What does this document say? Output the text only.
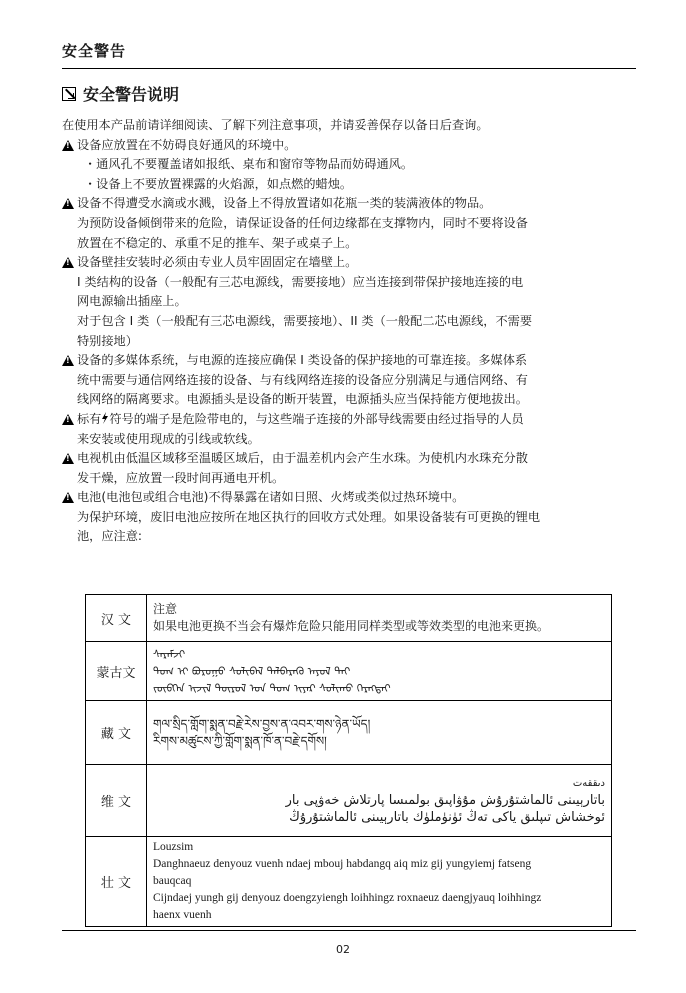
安全警告
安全警告说明

在使用本产品前请详细阅读、了解下列注意事项，并请妥善保存以备日后查询。

!
设备应放置在不妨碍良好通风的环境中。

・通风孔不要覆盖诸如报纸、桌布和窗帘等物品而妨碍通风。

・设备上不要放置裸露的火焰源，如点燃的蜡烛。

!
设备不得遭受水滴或水溅，设备上不得放置诸如花瓶一类的装满液体的物品。

为预防设备倾倒带来的危险，请保证设备的任何边缘都在支撑物内，同时不要将设备

放置在不稳定的、承重不足的推车、架子或桌子上。

!
设备壁挂安装时必须由专业人员牢固固定在墙壁上。

I 类结构的设备（一般配有三芯电源线，需要接地）应当连接到带保护接地连接的电

网电源输出插座上。

对于包含 I 类（一般配有三芯电源线，需要接地）、II 类（一般配二芯电源线，不需要

特别接地）

!
设备的多媒体系统，与电源的连接应确保 I 类设备的保护接地的可靠连接。多媒体系

统中需要与通信网络连接的设备、与有线网络连接的设备应分别满足与通信网络、有

线网络的隔离要求。电源插头是设备的断开装置，电源插头应当保持能方便地拔出。

!
标有 符号的端子是危险带电的，与这些端子连接的外部导线需要由经过指导的人员

来安装或使用现成的引线或软线。

!
电视机由低温区域移至温暖区域后，由于温差机内会产生水珠。为使机内水珠充分散

发干燥，应放置一段时间再通电开机。

!
电池(电池包或组合电池)不得暴露在诸如日照、火烤或类似过热环境中。

为保护环境，废旧电池应按所在地区执行的回收方式处理。如果设备装有可更换的锂电

池，应注意:

汉 文	注意
如果电池更换不当会有爆炸危险只能用同样类型或等效类型的电池来更换。

蒙古文	ᠰᠡᠷᠡᠮᠵᠢ
ᠲᠤᠭ ᠢ ᠪᠤᠷᠤᠭᠤ ᠰᠣᠯᠢᠪᠠᠯ ᠳᠡᠯᠪᠡᠷᠡᠬᠦ ᠠᠶᠤᠯ ᠲᠠᠢ
ᠵᠥᠪᠬᠡᠨ ᠢᠵᠢᠯ ᠲᠥᠷᠥᠯ ᠤᠨ ᠲᠤᠭ ᠢᠶᠠᠷ ᠰᠣᠯᠢᠬᠤ ᠬᠡᠷᠡᠭᠲᠡᠢ

藏 文	གལ་སྲིད་གློག་སྨན་བརྗེ་རེས་བྱས་ན་འབར་གས་ཉེན་ཡོད།
རིགས་མཚུངས་ཀྱི་གློག་སྨན་ཁོ་ན་བརྗེ་དགོས།

维 文	دىققەت
باتارېيىنى ئالماشتۇرۇش مۇۋاپىق بولمىسا پارتلاش خەۋپى بار
ئوخشاش تىپلىق ياكى تەڭ ئۈنۈملۈك باتارېيىنى ئالماشتۇرۇڭ

壮 文	Louzsim
Danghnaeuz denyouz vuenh ndaej mbouj habdangq aiq miz gij yungyiemj fatseng
bauqcaq
Cijndaej yungh gij denyouz doengzyiengh loihhingz roxnaeuz daengjyauq loihhingz
haenx vuenh
02
